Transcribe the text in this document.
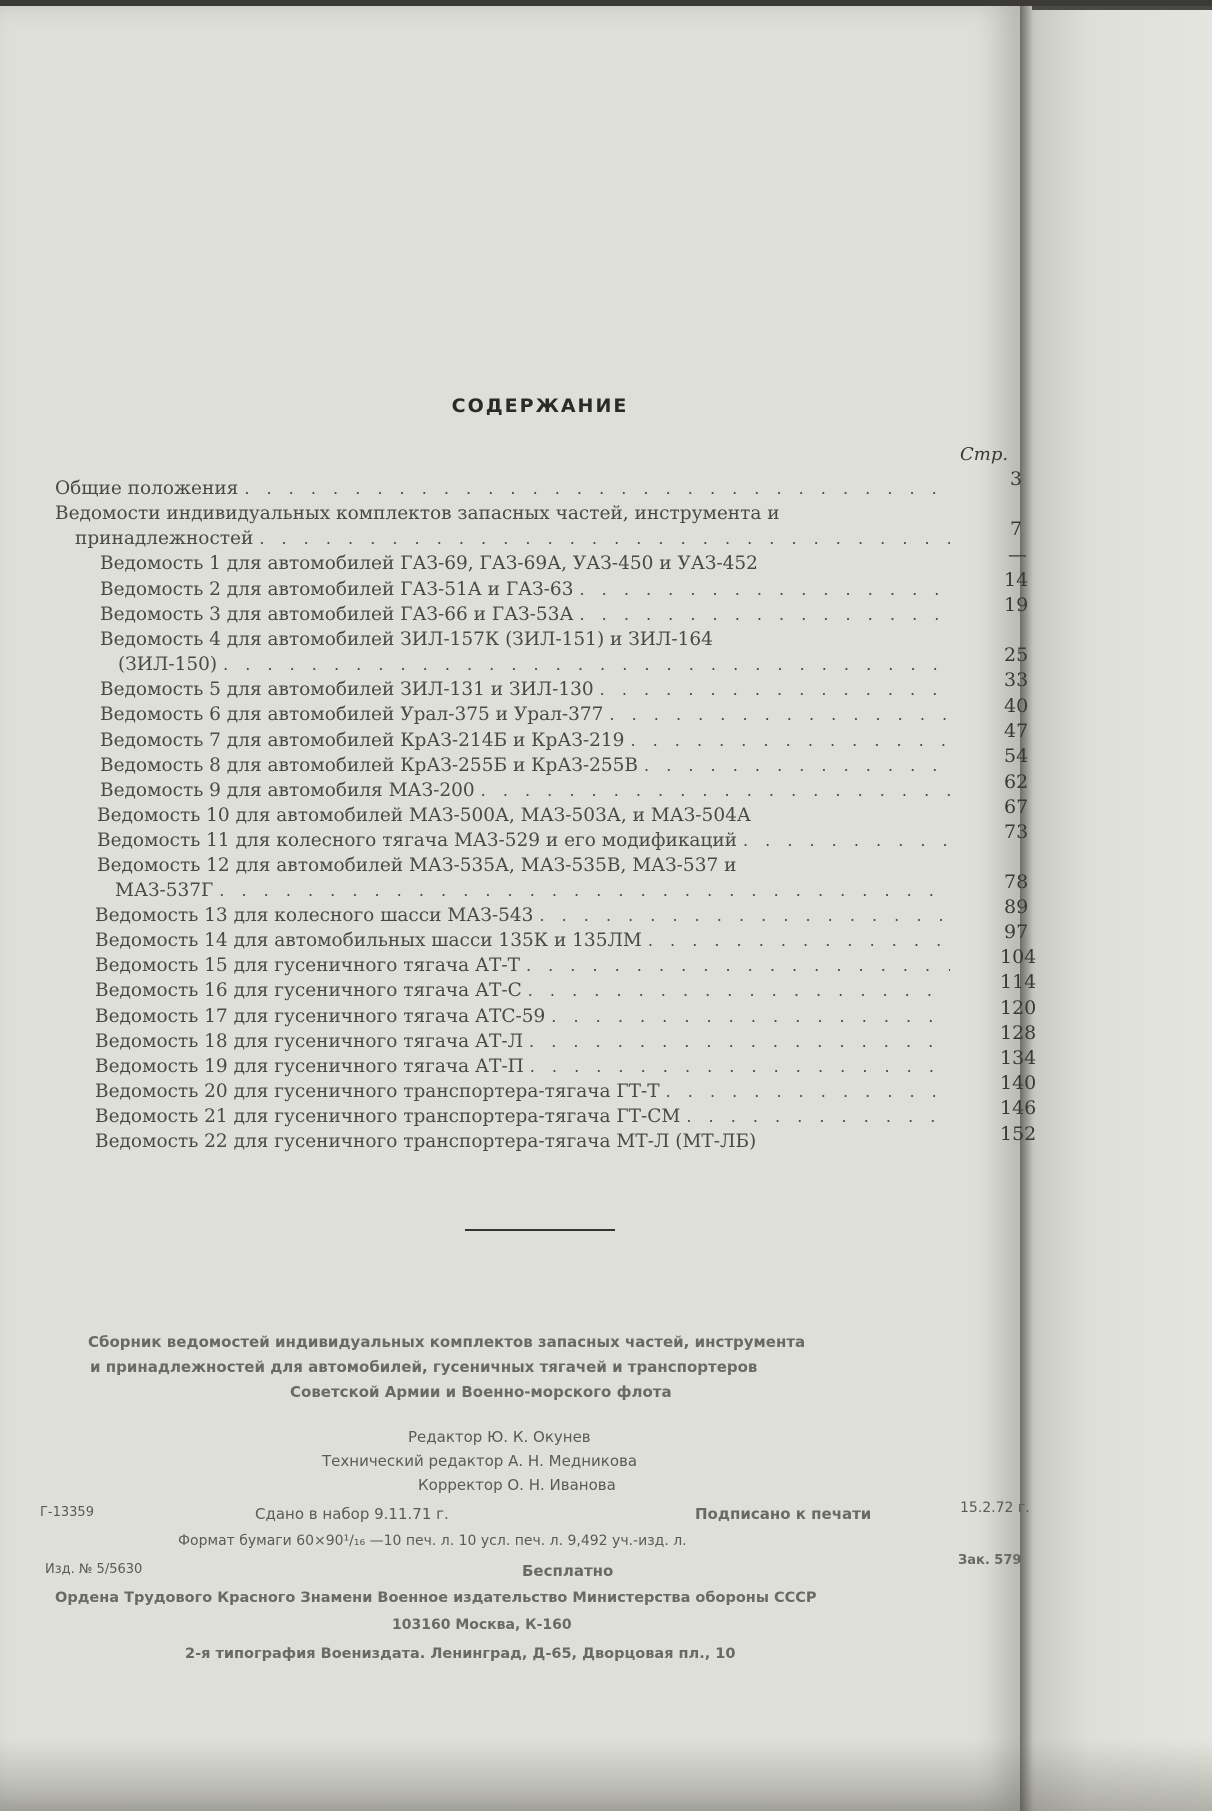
СОДЕРЖАНИЕ
Стр.
Общие положения . . .	3
Ведомости индивидуальных комплектов запасных частей, инструмента и
принадлежностей . . .	7
Ведомость 1 для автомобилей ГАЗ-69, ГАЗ-69А, УАЗ-450 и УАЗ-452	—
Ведомость 2 для автомобилей ГАЗ-51А и ГАЗ-63 . . .	14
Ведомость 3 для автомобилей ГАЗ-66 и ГАЗ-53А . . .	19
Ведомость 4 для автомобилей ЗИЛ-157К (ЗИЛ-151) и ЗИЛ-164
(ЗИЛ-150) . . .	25
Ведомость 5 для автомобилей ЗИЛ-131 и ЗИЛ-130 . . .	33
Ведомость 6 для автомобилей Урал-375 и Урал-377 . . .	40
Ведомость 7 для автомобилей КрАЗ-214Б и КрАЗ-219 . . .	47
Ведомость 8 для автомобилей КрАЗ-255Б и КрАЗ-255В . . .	54
Ведомость 9 для автомобиля МАЗ-200 . . .	62
Ведомость 10 для автомобилей МАЗ-500А, МАЗ-503А, и МАЗ-504А	67
Ведомость 11 для колесного тягача МАЗ-529 и его модификаций . . .	73
Ведомость 12 для автомобилей МАЗ-535А, МАЗ-535В, МАЗ-537 и
МАЗ-537Г . . .	78
Ведомость 13 для колесного шасси МАЗ-543 . . .	89
Ведомость 14 для автомобильных шасси 135К и 135ЛМ . . .	97
Ведомость 15 для гусеничного тягача АТ-Т . . .	104
Ведомость 16 для гусеничного тягача АТ-С . . .	114
Ведомость 17 для гусеничного тягача АТС-59 . . .	120
Ведомость 18 для гусеничного тягача АТ-Л . . .	128
Ведомость 19 для гусеничного тягача АТ-П . . .	134
Ведомость 20 для гусеничного транспортера-тягача ГТ-Т . . .	140
Ведомость 21 для гусеничного транспортера-тягача ГТ-СМ . . .	146
Ведомость 22 для гусеничного транспортера-тягача МТ-Л (МТ-ЛБ)	152
Сборник ведомостей индивидуальных комплектов запасных частей, инструмента
и принадлежностей для автомобилей, гусеничных тягачей и транспортеров
Советской Армии и Военно-морского флота
Редактор Ю. К. Окунев
Технический редактор А. Н. Медникова
Корректор О. Н. Иванова
Г-13359	Сдано в набор 9.11.71 г.	Подписано к печати	15.2.72 г.
Формат бумаги 60×90¹/₁₆ —10 печ. л. 10 усл. печ. л. 9,492 уч.-изд. л.
Изд. № 5/5630	Бесплатно
Зак. 579
Ордена Трудового Красного Знамени Военное издательство Министерства обороны СССР
103160 Москва, К-160
2-я типография Воениздата. Ленинград, Д-65, Дворцовая пл., 10
